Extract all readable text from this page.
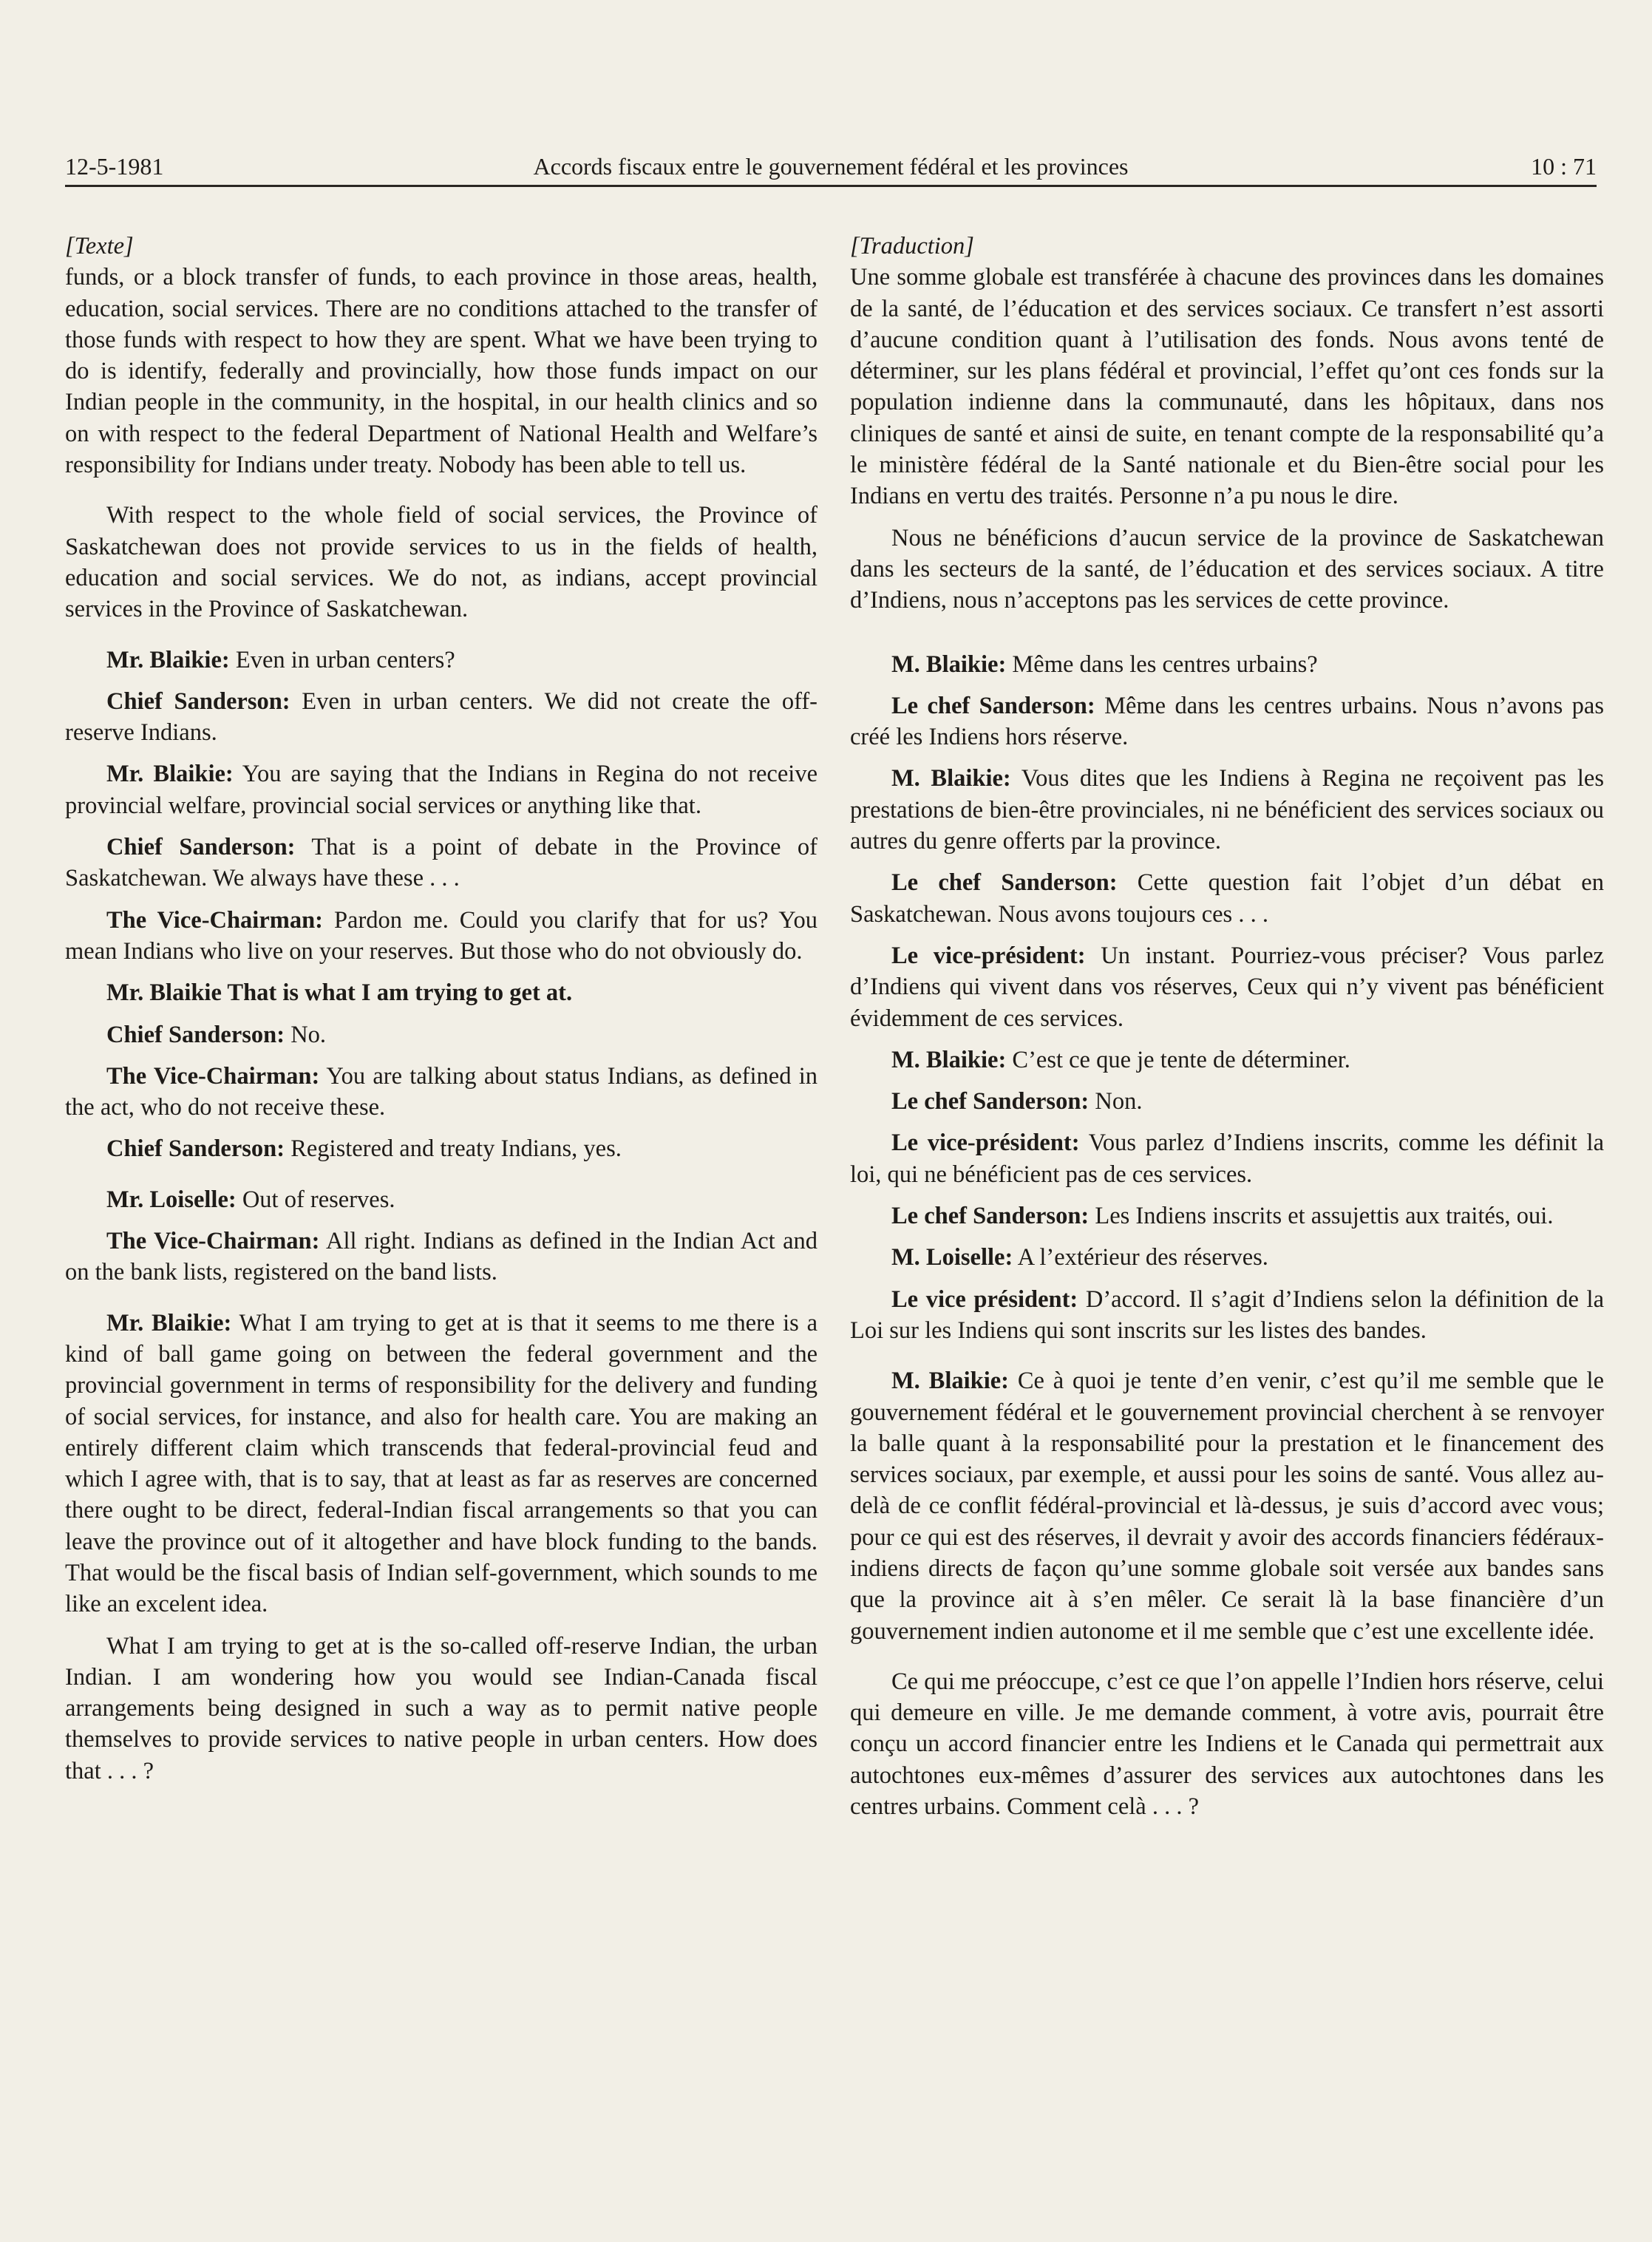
12-5-1981	Accords fiscaux entre le gouvernement fédéral et les provinces	10 : 71

[Texte]

funds, or a block transfer of funds, to each province in those areas, health, education, social services. There are no conditions attached to the transfer of those funds with respect to how they are spent. What we have been trying to do is identify, federally and provincially, how those funds impact on our Indian people in the community, in the hospital, in our health clinics and so on with respect to the federal Department of National Health and Welfare’s responsibility for Indians under treaty. Nobody has been able to tell us.

With respect to the whole field of social services, the Province of Saskatchewan does not provide services to us in the fields of health, education and social services. We do not, as indians, accept provincial services in the Province of Saskatchewan.

Mr. Blaikie: Even in urban centers?

Chief Sanderson: Even in urban centers. We did not create the off-reserve Indians.

Mr. Blaikie: You are saying that the Indians in Regina do not receive provincial welfare, provincial social services or anything like that.

Chief Sanderson: That is a point of debate in the Province of Saskatchewan. We always have these . . .

The Vice-Chairman: Pardon me. Could you clarify that for us? You mean Indians who live on your reserves. But those who do not obviously do.

Mr. Blaikie That is what I am trying to get at.

Chief Sanderson: No.

The Vice-Chairman: You are talking about status Indians, as defined in the act, who do not receive these.

Chief Sanderson: Registered and treaty Indians, yes.

Mr. Loiselle: Out of reserves.

The Vice-Chairman: All right. Indians as defined in the Indian Act and on the bank lists, registered on the band lists.

Mr. Blaikie: What I am trying to get at is that it seems to me there is a kind of ball game going on between the federal government and the provincial government in terms of responsibility for the delivery and funding of social services, for instance, and also for health care. You are making an entirely different claim which transcends that federal-provincial feud and which I agree with, that is to say, that at least as far as reserves are concerned there ought to be direct, federal-Indian fiscal arrangements so that you can leave the province out of it altogether and have block funding to the bands. That would be the fiscal basis of Indian self-government, which sounds to me like an excelent idea.

What I am trying to get at is the so-called off-reserve Indian, the urban Indian. I am wondering how you would see Indian-Canada fiscal arrangements being designed in such a way as to permit native people themselves to provide services to native people in urban centers. How does that . . . ?

[Traduction]

Une somme globale est transférée à chacune des provinces dans les domaines de la santé, de l’éducation et des services sociaux. Ce transfert n’est assorti d’aucune condition quant à l’utilisation des fonds. Nous avons tenté de déterminer, sur les plans fédéral et provincial, l’effet qu’ont ces fonds sur la population indienne dans la communauté, dans les hôpitaux, dans nos cliniques de santé et ainsi de suite, en tenant compte de la responsabilité qu’a le ministère fédéral de la Santé nationale et du Bien-être social pour les Indians en vertu des traités. Personne n’a pu nous le dire.

Nous ne bénéficions d’aucun service de la province de Saskatchewan dans les secteurs de la santé, de l’éducation et des services sociaux. A titre d’Indiens, nous n’acceptons pas les services de cette province.

M. Blaikie: Même dans les centres urbains?

Le chef Sanderson: Même dans les centres urbains. Nous n’avons pas créé les Indiens hors réserve.

M. Blaikie: Vous dites que les Indiens à Regina ne reçoivent pas les prestations de bien-être provinciales, ni ne bénéficient des services sociaux ou autres du genre offerts par la province.

Le chef Sanderson: Cette question fait l’objet d’un débat en Saskatchewan. Nous avons toujours ces . . .

Le vice-président: Un instant. Pourriez-vous préciser? Vous parlez d’Indiens qui vivent dans vos réserves, Ceux qui n’y vivent pas bénéficient évidemment de ces services.

M. Blaikie: C’est ce que je tente de déterminer.

Le chef Sanderson: Non.

Le vice-président: Vous parlez d’Indiens inscrits, comme les définit la loi, qui ne bénéficient pas de ces services.

Le chef Sanderson: Les Indiens inscrits et assujettis aux traités, oui.

M. Loiselle: A l’extérieur des réserves.

Le vice président: D’accord. Il s’agit d’Indiens selon la définition de la Loi sur les Indiens qui sont inscrits sur les listes des bandes.

M. Blaikie: Ce à quoi je tente d’en venir, c’est qu’il me semble que le gouvernement fédéral et le gouvernement provincial cherchent à se renvoyer la balle quant à la responsabilité pour la prestation et le financement des services sociaux, par exemple, et aussi pour les soins de santé. Vous allez au-delà de ce conflit fédéral-provincial et là-dessus, je suis d’accord avec vous; pour ce qui est des réserves, il devrait y avoir des accords financiers fédéraux-indiens directs de façon qu’une somme globale soit versée aux bandes sans que la province ait à s’en mêler. Ce serait là la base financière d’un gouvernement indien autonome et il me semble que c’est une excellente idée.

Ce qui me préoccupe, c’est ce que l’on appelle l’Indien hors réserve, celui qui demeure en ville. Je me demande comment, à votre avis, pourrait être conçu un accord financier entre les Indiens et le Canada qui permettrait aux autochtones eux-mêmes d’assurer des services aux autochtones dans les centres urbains. Comment celà . . . ?
